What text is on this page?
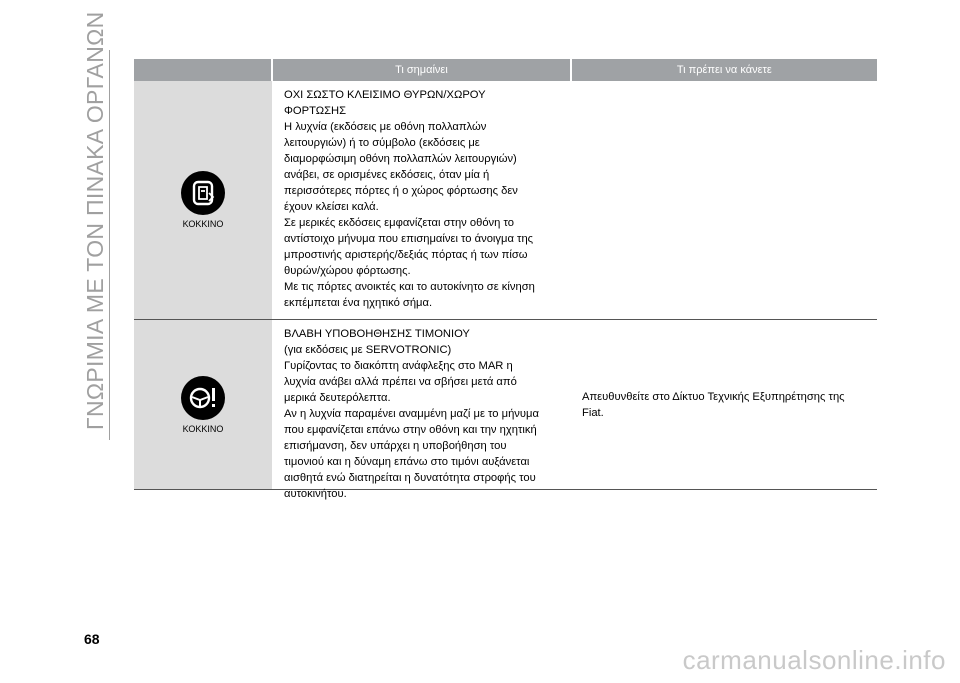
ΓΝΩΡΙΜΙΑ ΜΕ ΤΟΝ ΠΙΝΑΚΑ ΟΡΓΑΝΩΝ	Τι σημαίνει	Τι πρέπει να κάνετε
ΚΟΚΚΙΝΟ
ΟΧΙ ΣΩΣΤΟ ΚΛΕΙΣΙΜΟ ΘΥΡΩΝ/ΧΩΡΟΥ
ΦΟΡΤΩΣΗΣ
Η λυχνία (εκδόσεις με οθόνη πολλαπλών
λειτουργιών) ή το σύμβολο (εκδόσεις με
διαμορφώσιμη οθόνη πολλαπλών λειτουργιών)
ανάβει, σε ορισμένες εκδόσεις, όταν μία ή
περισσότερες πόρτες ή ο χώρος φόρτωσης δεν
έχουν κλείσει καλά.
Σε μερικές εκδόσεις εμφανίζεται στην οθόνη το
αντίστοιχο μήνυμα που επισημαίνει το άνοιγμα της
μπροστινής αριστερής/δεξιάς πόρτας ή των πίσω
θυρών/χώρου φόρτωσης.
Με τις πόρτες ανοικτές και το αυτοκίνητο σε κίνηση
εκπέμπεται ένα ηχητικό σήμα.
ΚΟΚΚΙΝΟ
ΒΛΑΒΗ ΥΠΟΒΟΗΘΗΣΗΣ ΤΙΜΟΝΙΟΥ
(για εκδόσεις με SERVOTRONIC)
Γυρίζοντας το διακόπτη ανάφλεξης στο MAR η
λυχνία ανάβει αλλά πρέπει να σβήσει μετά από
μερικά δευτερόλεπτα.
Αν η λυχνία παραμένει αναμμένη μαζί με το μήνυμα
που εμφανίζεται επάνω στην οθόνη και την ηχητική
επισήμανση, δεν υπάρχει η υποβοήθηση του
τιμονιού και η δύναμη επάνω στο τιμόνι αυξάνεται
αισθητά ενώ διατηρείται η δυνατότητα στροφής του
αυτοκινήτου.
Απευθυνθείτε στο Δίκτυο Τεχνικής Εξυπηρέτησης της
Fiat.
68
carmanualsonline.info
